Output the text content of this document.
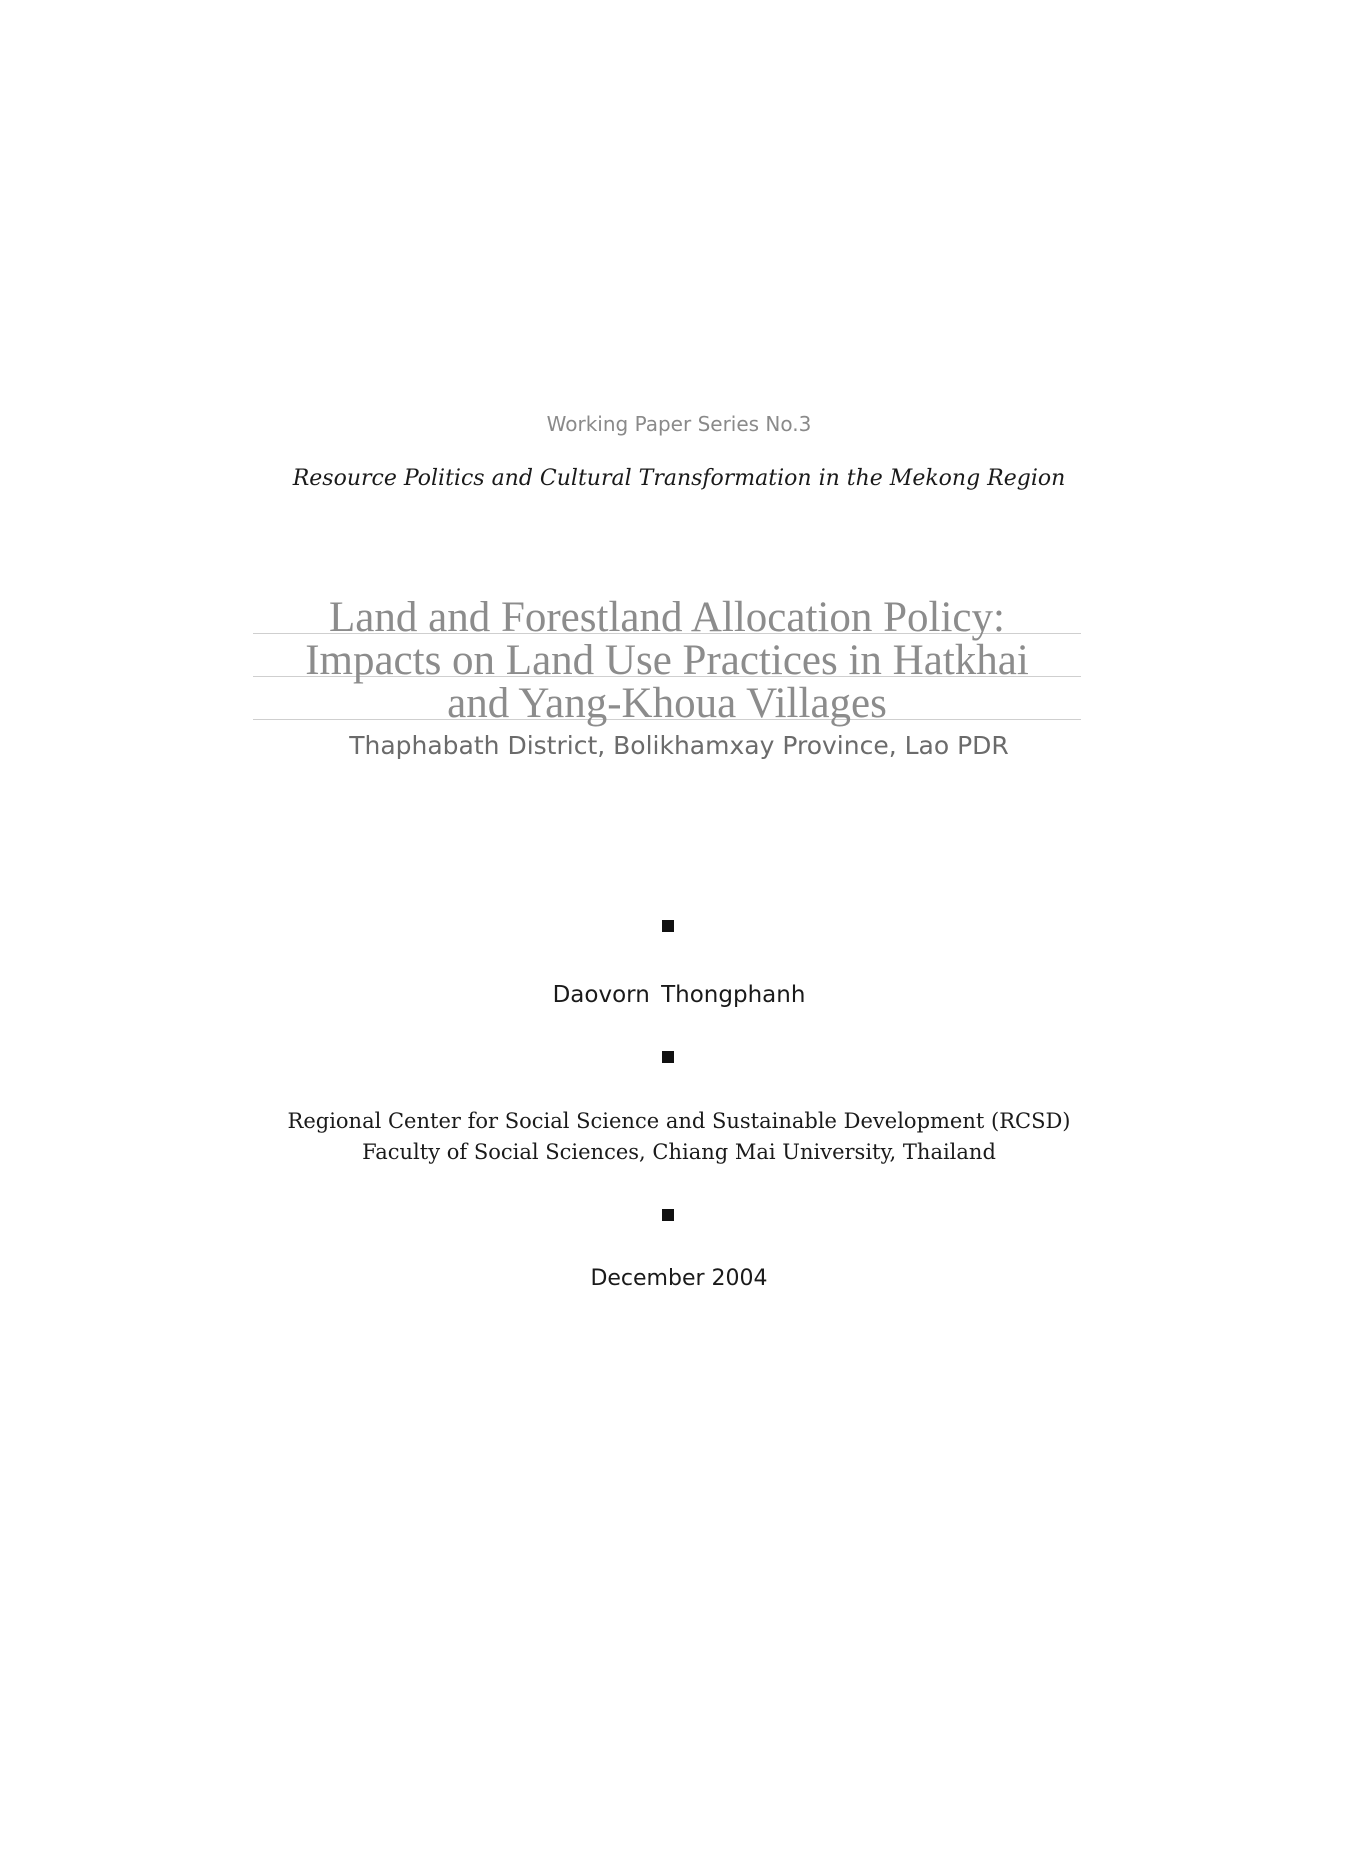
Working Paper Series No.3
Resource Politics and Cultural Transformation in the Mekong Region
Land and Forestland Allocation Policy:
Impacts on Land Use Practices in Hatkhai
and Yang-Khoua Villages
Thaphabath District, Bolikhamxay Province, Lao PDR
Daovorn Thongphanh
Regional Center for Social Science and Sustainable Development (RCSD)
Faculty of Social Sciences, Chiang Mai University, Thailand
December 2004
